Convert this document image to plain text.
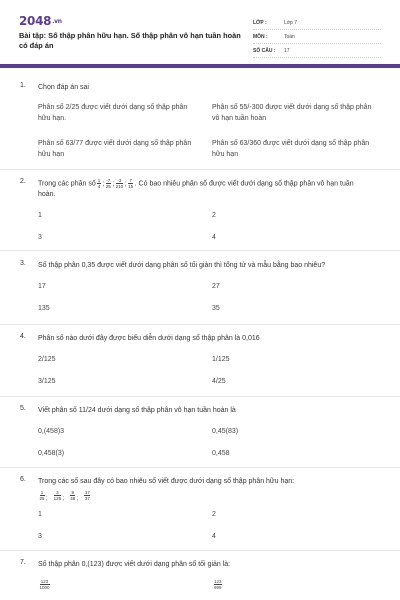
2048.vn
Bài tập: Số thập phân hữu hạn. Số thập phân vô hạn tuần hoàn có đáp án
LỚP :	Lớp 7
MÔN :	Toán
SỐ CÂU :	17
1. Chọn đáp án sai
Phân số 2/25 được viết dưới dạng số thập phân hữu hạn.
Phân số 55/-300 được viết dưới dạng số thập phân vô hạn tuần hoàn
Phân số 63/77 được viết dưới dạng số thập phân hữu hạn
Phân số 63/360 được viết dưới dạng số thập phân hữu hạn
2. Trong các phân số $\frac{1}{4}$ ; $\frac{-7}{25}$ ; $\frac{-3}{210}$ ; $\frac{7}{15}$ . Có bao nhiêu phân số được viết dưới dạng số thập phân vô hạn tuần hoàn.
1	2
3	4
3. Số thập phân 0,35 được viết dưới dạng phân số tối giản thì tổng tử và mẫu bằng bao nhiêu?
17	27
135	35
4. Phân số nào dưới đây được biểu diễn dưới dạng số thập phân là 0,016
2/125	1/125
3/125	4/25
5. Viết phân số 11/24 dưới dạng số thập phân vô hạn tuần hoàn là
0,(458)3	0,45(83)
0,458(3)	0,458
6. Trong các số sau đây có bao nhiêu số viết được dưới dạng số thập phân hữu hạn:
$\frac{1}{25}$ ; $\frac{3}{125}$ ; $\frac{9}{48}$ ; $\frac{17}{37}$
1	2
3	4
7. Số thập phân 0,(123) được viết dưới dạng phân số tối giản là:
$\frac{123}{1000}$	$\frac{123}{999}$
